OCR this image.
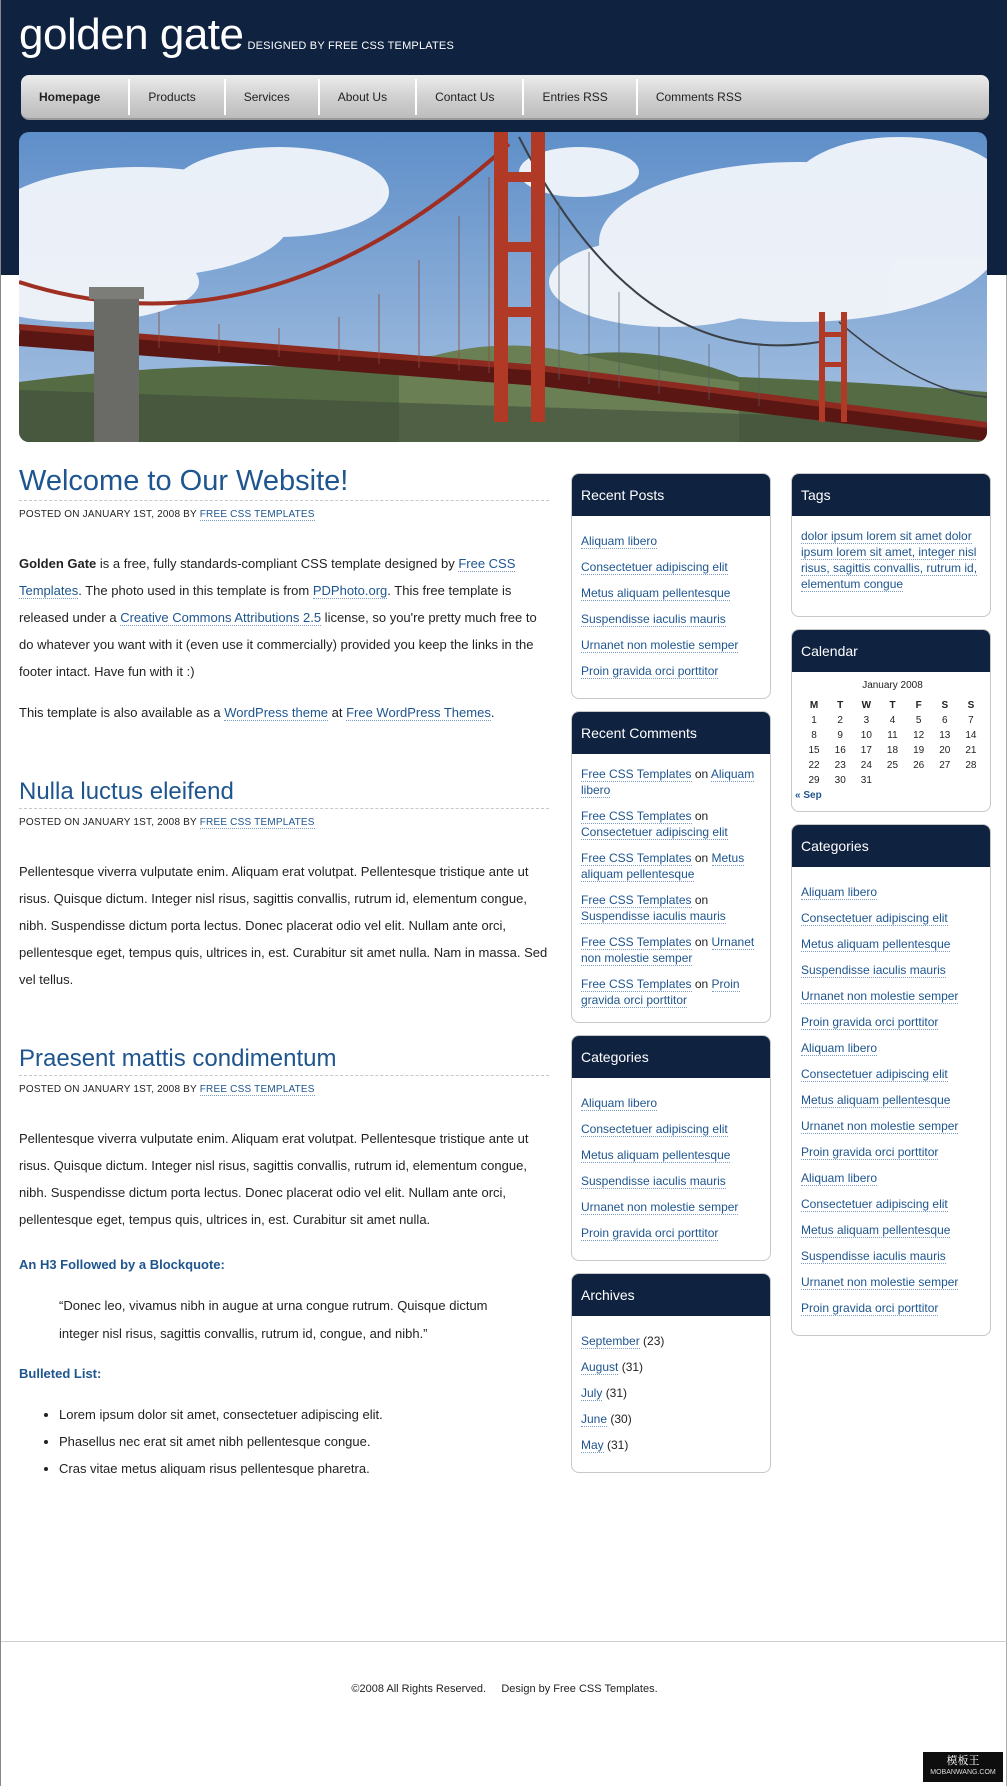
golden gate DESIGNED BY FREE CSS TEMPLATES
Homepage	Products	Services	About Us	Contact Us	Entries RSS	Comments RSS
Welcome to Our Website!
POSTED ON JANUARY 1ST, 2008 BY FREE CSS TEMPLATES

Golden Gate is a free, fully standards-compliant CSS template designed by Free CSS Templates. The photo used in this template is from PDPhoto.org. This free template is released under a Creative Commons Attributions 2.5 license, so you're pretty much free to do whatever you want with it (even use it commercially) provided you keep the links in the footer intact. Have fun with it :)

This template is also available as a WordPress theme at Free WordPress Themes.

Nulla luctus eleifend
POSTED ON JANUARY 1ST, 2008 BY FREE CSS TEMPLATES

Pellentesque viverra vulputate enim. Aliquam erat volutpat. Pellentesque tristique ante ut risus. Quisque dictum. Integer nisl risus, sagittis convallis, rutrum id, elementum congue, nibh. Suspendisse dictum porta lectus. Donec placerat odio vel elit. Nullam ante orci, pellentesque eget, tempus quis, ultrices in, est. Curabitur sit amet nulla. Nam in massa. Sed vel tellus.

Praesent mattis condimentum
POSTED ON JANUARY 1ST, 2008 BY FREE CSS TEMPLATES

Pellentesque viverra vulputate enim. Aliquam erat volutpat. Pellentesque tristique ante ut risus. Quisque dictum. Integer nisl risus, sagittis convallis, rutrum id, elementum congue, nibh. Suspendisse dictum porta lectus. Donec placerat odio vel elit. Nullam ante orci, pellentesque eget, tempus quis, ultrices in, est. Curabitur sit amet nulla.

An H3 Followed by a Blockquote:
“Donec leo, vivamus nibh in augue at urna congue rutrum. Quisque dictum integer nisl risus, sagittis convallis, rutrum id, congue, and nibh.”
Bulleted List:
• Lorem ipsum dolor sit amet, consectetuer adipiscing elit.
• Phasellus nec erat sit amet nibh pellentesque congue.
• Cras vitae metus aliquam risus pellentesque pharetra.
Recent Posts
Aliquam libero
Consectetuer adipiscing elit
Metus aliquam pellentesque
Suspendisse iaculis mauris
Urnanet non molestie semper
Proin gravida orci porttitor
Recent Comments
Free CSS Templates on Aliquam libero
Free CSS Templates on Consectetuer adipiscing elit
Free CSS Templates on Metus aliquam pellentesque
Free CSS Templates on Suspendisse iaculis mauris
Free CSS Templates on Urnanet non molestie semper
Free CSS Templates on Proin gravida orci porttitor
Categories
Aliquam libero
Consectetuer adipiscing elit
Metus aliquam pellentesque
Suspendisse iaculis mauris
Urnanet non molestie semper
Proin gravida orci porttitor
Archives
September (23)
August (31)
July (31)
June (30)
May (31)
Tags
dolor ipsum lorem sit amet dolor ipsum lorem sit amet, integer nisl risus, sagittis convallis, rutrum id, elementum congue
Calendar
January 2008
M	T	W	T	F	S	S
1	2	3	4	5	6	7
8	9	10	11	12	13	14
15	16	17	18	19	20	21
22	23	24	25	26	27	28
29	30	31				
« Sep
Categories
Aliquam libero
Consectetuer adipiscing elit
Metus aliquam pellentesque
Suspendisse iaculis mauris
Urnanet non molestie semper
Proin gravida orci porttitor
Aliquam libero
Consectetuer adipiscing elit
Metus aliquam pellentesque
Urnanet non molestie semper
Proin gravida orci porttitor
Aliquam libero
Consectetuer adipiscing elit
Metus aliquam pellentesque
Suspendisse iaculis mauris
Urnanet non molestie semper
Proin gravida orci porttitor
©2008 All Rights Reserved. Design by Free CSS Templates.
模板王
MOBANWANG.COM
